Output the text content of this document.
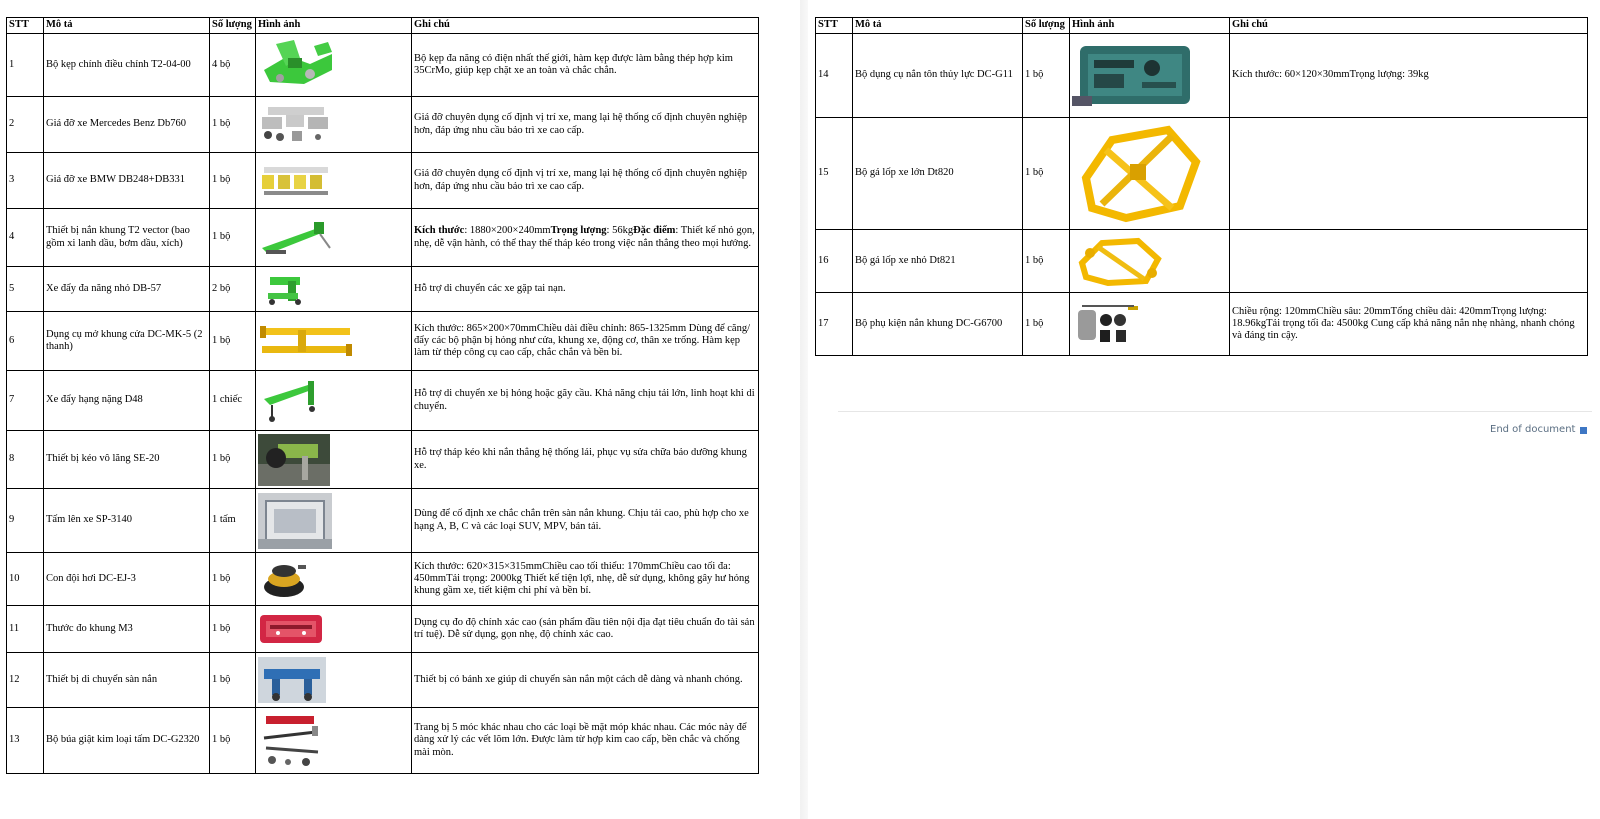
STT	Mô tả	Số lượng	Hình ảnh	Ghi chú
1	Bộ kẹp chính điều chỉnh T2-04-00	4 bộ		Bộ kẹp đa năng có điện nhất thế giới, hàm kẹp được làm bằng thép hợp kim 35CrMo, giúp kẹp chặt xe an toàn và chắc chắn.
2	Giá đỡ xe Mercedes Benz Db760	1 bộ		Giá đỡ chuyên dụng cố định vị trí xe, mang lại hệ thống cố định chuyên nghiệp hơn, đáp ứng nhu cầu bảo trì xe cao cấp.
3	Giá đỡ xe BMW DB248+DB331	1 bộ		Giá đỡ chuyên dụng cố định vị trí xe, mang lại hệ thống cố định chuyên nghiệp hơn, đáp ứng nhu cầu bảo trì xe cao cấp.
4	Thiết bị nắn khung T2 vector (bao gồm xi lanh dầu, bơm dầu, xích)	1 bộ		Kích thước: 1880×200×240mmTrọng lượng: 56kgĐặc điểm: Thiết kế nhỏ gọn, nhẹ, dễ vận hành, có thể thay thế tháp kéo trong việc nắn thẳng theo mọi hướng.
5	Xe đẩy đa năng nhỏ DB-57	2 bộ		Hỗ trợ di chuyển các xe gặp tai nạn.
6	Dụng cụ mở khung cửa DC-MK-5 (2 thanh)	1 bộ		Kích thước: 865×200×70mmChiều dài điều chỉnh: 865-1325mm Dùng để căng/đẩy các bộ phận bị hỏng như cửa, khung xe, động cơ, thân xe trống. Hàm kẹp làm từ thép công cụ cao cấp, chắc chắn và bền bỉ.
7	Xe đẩy hạng nặng D48	1 chiếc		Hỗ trợ di chuyển xe bị hỏng hoặc gãy cầu. Khả năng chịu tải lớn, linh hoạt khi di chuyển.
8	Thiết bị kéo vô lăng SE-20	1 bộ		Hỗ trợ tháp kéo khi nắn thẳng hệ thống lái, phục vụ sửa chữa bảo dưỡng khung xe.
9	Tấm lên xe SP-3140	1 tấm		Dùng để cố định xe chắc chắn trên sàn nắn khung. Chịu tải cao, phù hợp cho xe hạng A, B, C và các loại SUV, MPV, bán tải.
10	Con đội hơi DC-EJ-3	1 bộ		Kích thước: 620×315×315mmChiều cao tối thiểu: 170mmChiều cao tối đa: 450mmTải trọng: 2000kg Thiết kế tiện lợi, nhẹ, dễ sử dụng, không gây hư hỏng khung gầm xe, tiết kiệm chi phí và bền bỉ.
11	Thước đo khung M3	1 bộ		Dụng cụ đo độ chính xác cao (sản phẩm đầu tiên nội địa đạt tiêu chuẩn đo tài sản trí tuệ). Dễ sử dụng, gọn nhẹ, độ chính xác cao.
12	Thiết bị di chuyển sàn nắn	1 bộ		Thiết bị có bánh xe giúp di chuyển sàn nắn một cách dễ dàng và nhanh chóng.
13	Bộ búa giật kim loại tấm DC-G2320	1 bộ		Trang bị 5 móc khác nhau cho các loại bề mặt móp khác nhau. Các móc này để dàng xử lý các vết lõm lớn. Được làm từ hợp kim cao cấp, bền chắc và chống mài mòn.
STT	Mô tả	Số lượng	Hình ảnh	Ghi chú
14	Bộ dụng cụ nắn tôn thủy lực DC-G11	1 bộ		Kích thước: 60×120×30mmTrọng lượng: 39kg
15	Bộ gá lốp xe lớn Dt820	1 bộ		
16	Bộ gá lốp xe nhỏ Dt821	1 bộ		
17	Bộ phụ kiện nắn khung DC-G6700	1 bộ		Chiều rộng: 120mmChiều sâu: 20mmTổng chiều dài: 420mmTrọng lượng: 18.96kgTải trọng tối đa: 4500kg Cung cấp khả năng nắn nhẹ nhàng, nhanh chóng và đáng tin cậy.
End of document
